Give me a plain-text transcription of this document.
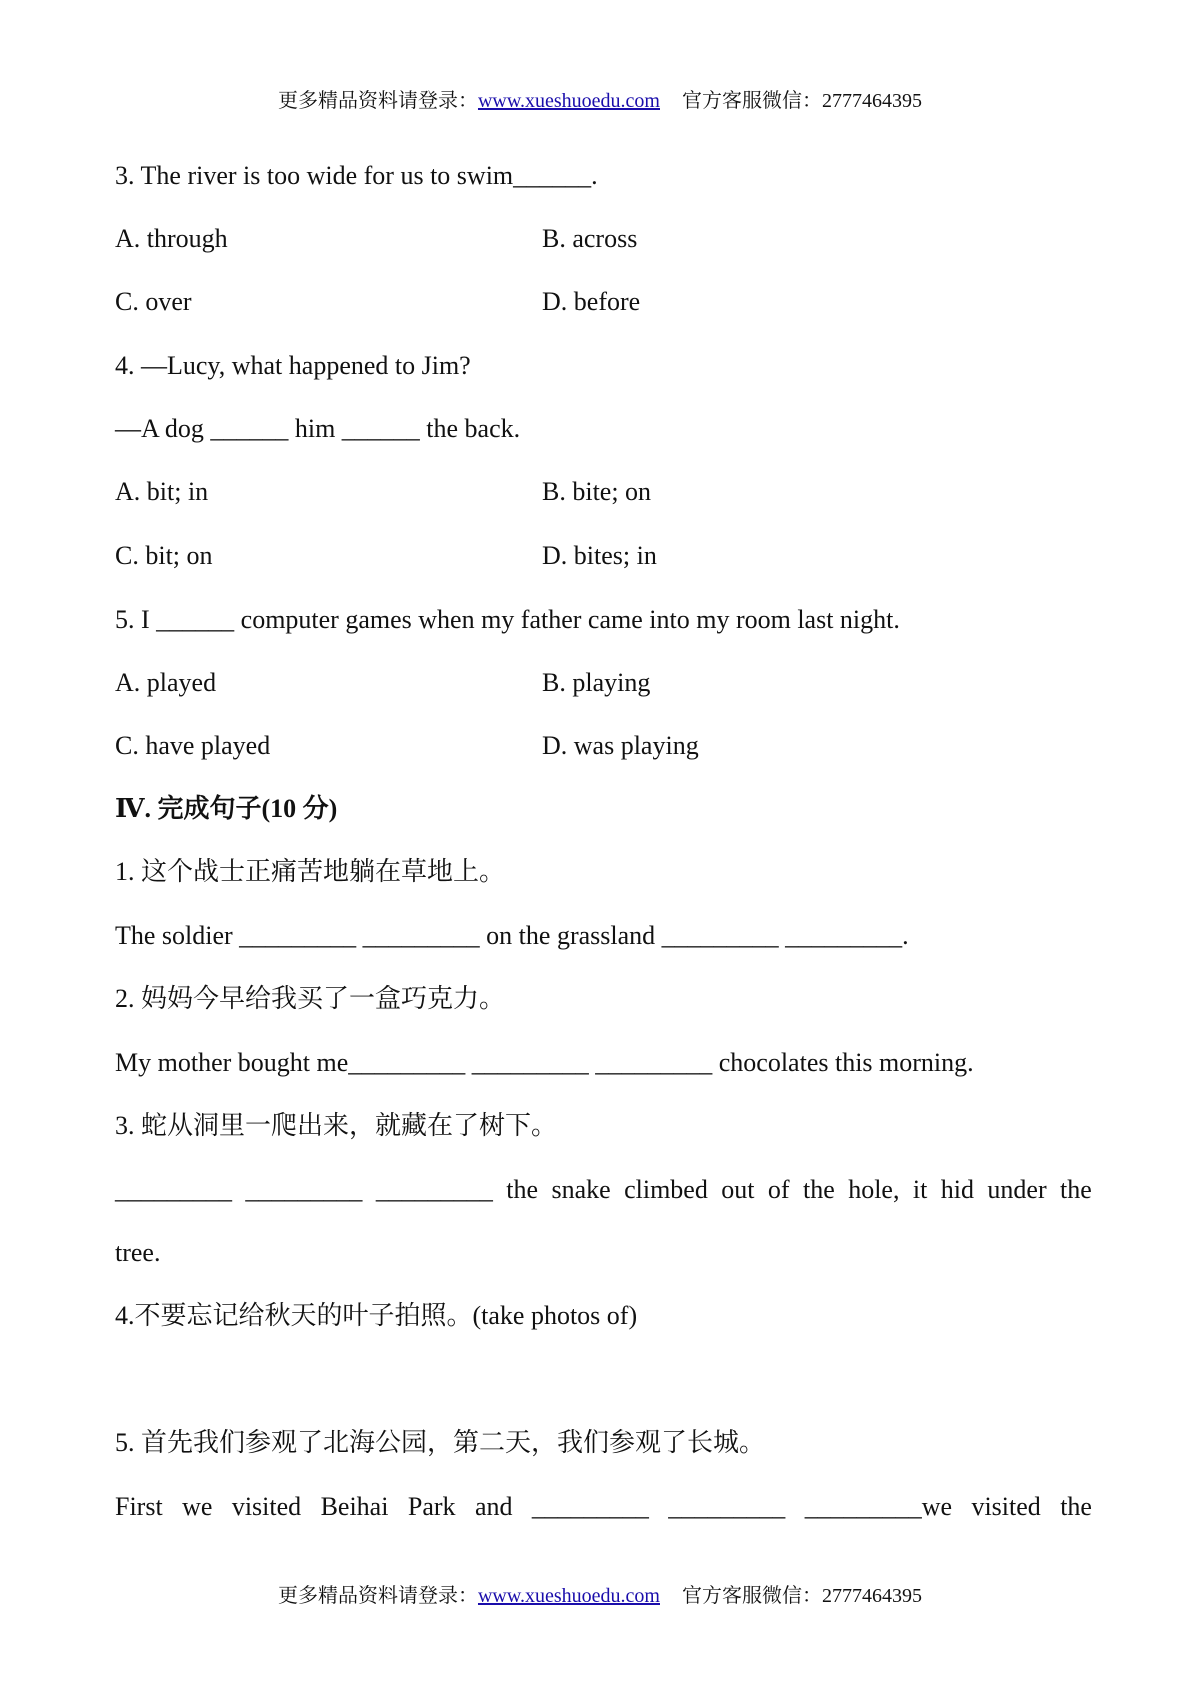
更多精品资料请登录：www.xueshuoedu.com 官方客服微信：2777464395
3. The river is too wide for us to swim______.
A. through	B. across
C. over	D. before
4. —Lucy, what happened to Jim?
—A dog ______ him ______ the back.
A. bit; in	B. bite; on
C. bit; on	D. bites; in
5. I ______ computer games when my father came into my room last night.
A. played	B. playing
C. have played	D. was playing
Ⅳ. 完成句子(10 分)
1. 这个战士正痛苦地躺在草地上。
The soldier _________ _________ on the grassland _________ _________.
2. 妈妈今早给我买了一盒巧克力。
My mother bought me_________ _________ _________ chocolates this morning.
3. 蛇从洞里一爬出来，就藏在了树下。
_________ _________ _________ the snake climbed out of the hole, it hid under the
tree.
4.不要忘记给秋天的叶子拍照。(take photos of)
5. 首先我们参观了北海公园，第二天，我们参观了长城。
First we visited Beihai Park and _________ _________ _________we visited the
更多精品资料请登录：www.xueshuoedu.com 官方客服微信：2777464395
